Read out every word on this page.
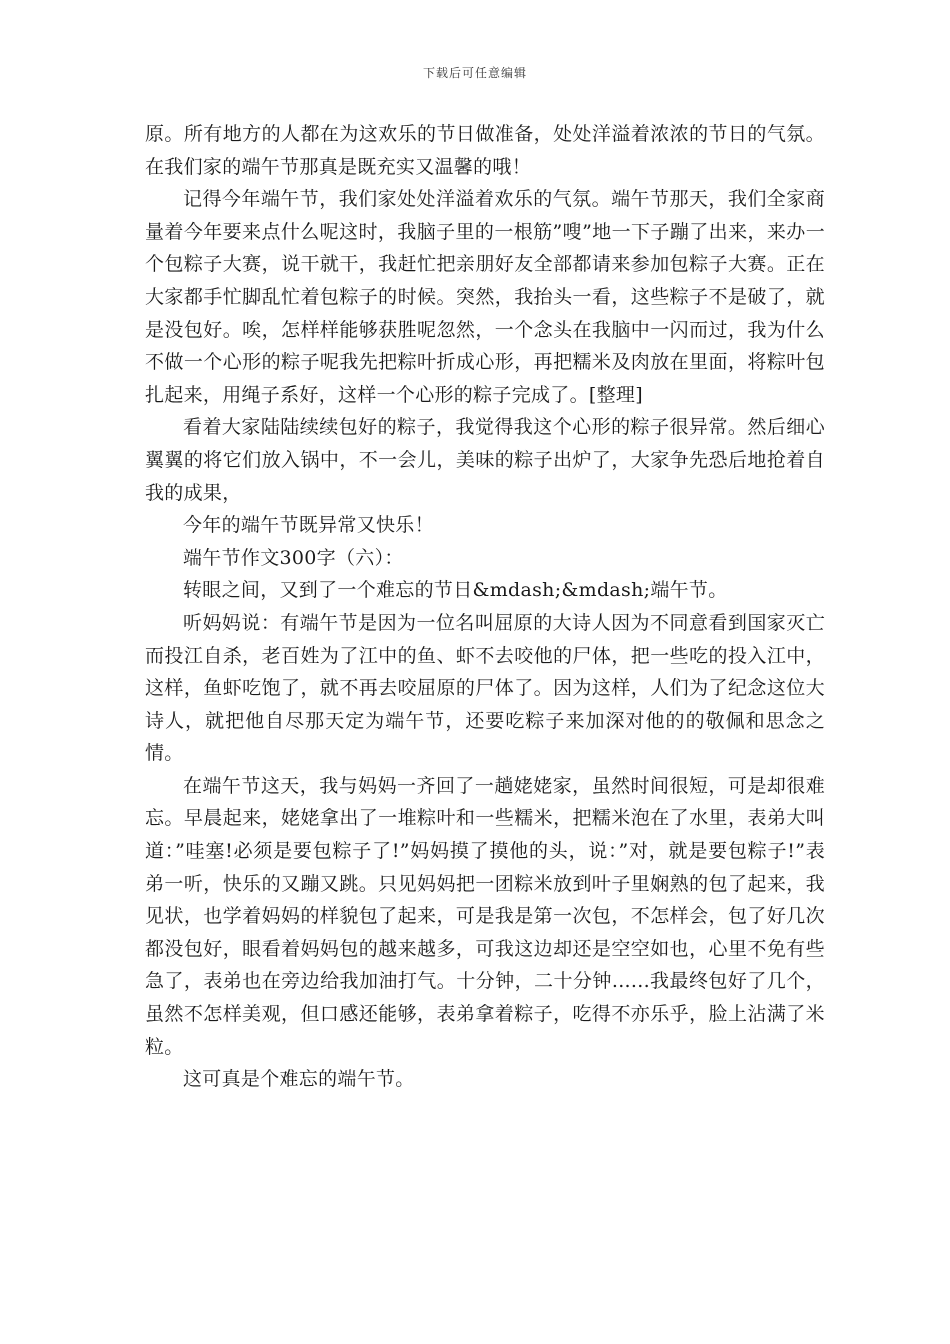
下载后可任意编辑

原。所有地方的人都在为这欢乐的节日做准备，处处洋溢着浓浓的节日的气氛。在我们家的端午节那真是既充实又温馨的哦！

记得今年端午节，我们家处处洋溢着欢乐的气氛。端午节那天，我们全家商量着今年要来点什么呢这时，我脑子里的一根筋”嗖”地一下子蹦了出来，来办一个包粽子大赛，说干就干，我赶忙把亲朋好友全部都请来参加包粽子大赛。正在大家都手忙脚乱忙着包粽子的时候。突然，我抬头一看，这些粽子不是破了，就是没包好。唉，怎样样能够获胜呢忽然，一个念头在我脑中一闪而过，我为什么不做一个心形的粽子呢我先把粽叶折成心形，再把糯米及肉放在里面，将粽叶包扎起来，用绳子系好，这样一个心形的粽子完成了。[整理]

看着大家陆陆续续包好的粽子，我觉得我这个心形的粽子很异常。然后细心翼翼的将它们放入锅中，不一会儿，美味的粽子出炉了，大家争先恐后地抢着自我的成果，

今年的端午节既异常又快乐！

端午节作文300字（六）：

转眼之间，又到了一个难忘的节日&mdash;&mdash;端午节。

听妈妈说：有端午节是因为一位名叫屈原的大诗人因为不同意看到国家灭亡而投江自杀，老百姓为了江中的鱼、虾不去咬他的尸体，把一些吃的投入江中，这样，鱼虾吃饱了，就不再去咬屈原的尸体了。因为这样，人们为了纪念这位大诗人，就把他自尽那天定为端午节，还要吃粽子来加深对他的的敬佩和思念之情。

在端午节这天，我与妈妈一齐回了一趟姥姥家，虽然时间很短，可是却很难忘。早晨起来，姥姥拿出了一堆粽叶和一些糯米，把糯米泡在了水里，表弟大叫道：”哇塞!必须是要包粽子了!”妈妈摸了摸他的头，说：”对，就是要包粽子!”表弟一听，快乐的又蹦又跳。只见妈妈把一团粽米放到叶子里娴熟的包了起来，我见状，也学着妈妈的样貌包了起来，可是我是第一次包，不怎样会，包了好几次都没包好，眼看着妈妈包的越来越多，可我这边却还是空空如也，心里不免有些急了，表弟也在旁边给我加油打气。十分钟，二十分钟......我最终包好了几个，虽然不怎样美观，但口感还能够，表弟拿着粽子，吃得不亦乐乎，脸上沾满了米粒。

这可真是个难忘的端午节。
